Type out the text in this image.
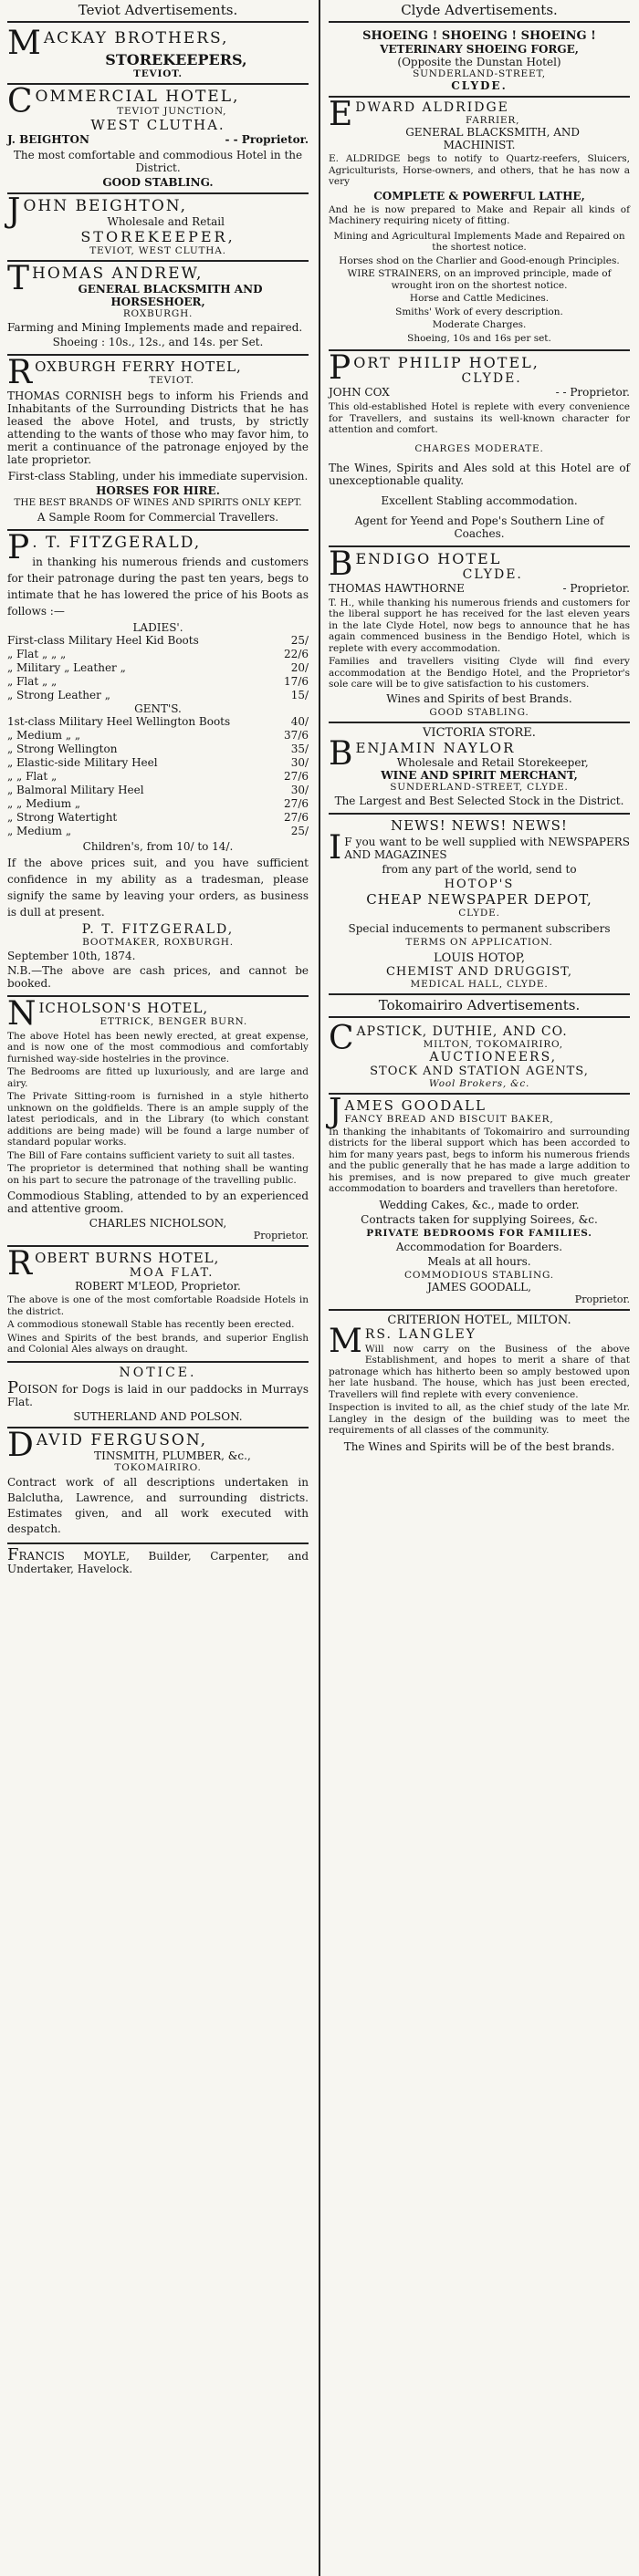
Teviot Advertisements.
M ACKAY BROTHERS,
STOREKEEPERS,
TEVIOT.
C OMMERCIAL HOTEL,
TEVIOT JUNCTION,
WEST CLUTHA.
J. BEIGHTON	- - Proprietor.

The most comfortable and commodious Hotel in the District.

GOOD STABLING.
J OHN BEIGHTON,
Wholesale and Retail
STOREKEEPER,
TEVIOT, WEST CLUTHA.
T HOMAS ANDREW,
GENERAL BLACKSMITH AND
HORSESHOER,
ROXBURGH.

Farming and Mining Implements made and repaired.

Shoeing : 10s., 12s., and 14s. per Set.

R OXBURGH FERRY HOTEL,
TEVIOT.

THOMAS CORNISH begs to inform his Friends and Inhabitants of the Surrounding Districts that he has leased the above Hotel, and trusts, by strictly attending to the wants of those who may favor him, to merit a continuance of the patronage enjoyed by the late proprietor.

First-class Stabling, under his immediate supervision.

HORSES FOR HIRE.
THE BEST BRANDS OF WINES AND SPIRITS ONLY KEPT.

A Sample Room for Commercial Travellers.

P . T. FITZGERALD,

in thanking his numerous friends and customers for their patronage during the past ten years, begs to intimate that he has lowered the price of his Boots as follows :—

LADIES'.
First-class Military Heel Kid Boots	25/
„ Flat „ „ „	22/6
„ Military „ Leather „	20/
„ Flat „ „	17/6
„ Strong Leather „	15/
GENT'S.
1st-class Military Heel Wellington Boots	40/
„ Medium „ „	37/6
„ Strong Wellington	35/
„ Elastic-side Military Heel	30/
„ „ Flat „	27/6
„ Balmoral Military Heel	30/
„ „ Medium „	27/6
„ Strong Watertight	27/6
„ Medium „	25/

Children's, from 10/ to 14/.

If the above prices suit, and you have sufficient confidence in my ability as a tradesman, please signify the same by leaving your orders, as business is dull at present.

P. T. FITZGERALD,
BOOTMAKER, ROXBURGH.

September 10th, 1874.

N.B.—The above are cash prices, and cannot be booked.

N ICHOLSON'S HOTEL,
ETTRICK, BENGER BURN.

The above Hotel has been newly erected, at great expense, and is now one of the most commodious and comfortably furnished way-side hostelries in the province.

The Bedrooms are fitted up luxuriously, and are large and airy.

The Private Sitting-room is furnished in a style hitherto unknown on the goldfields. There is an ample supply of the latest periodicals, and in the Library (to which constant additions are being made) will be found a large number of standard popular works.

The Bill of Fare contains sufficient variety to suit all tastes.

The proprietor is determined that nothing shall be wanting on his part to secure the patronage of the travelling public.

Commodious Stabling, attended to by an experienced and attentive groom.

CHARLES NICHOLSON,
Proprietor.
R OBERT BURNS HOTEL,
MOA FLAT.
ROBERT M'LEOD, Proprietor.

The above is one of the most comfortable Roadside Hotels in the district.

A commodious stonewall Stable has recently been erected.

Wines and Spirits of the best brands, and superior English and Colonial Ales always on draught.

NOTICE.

POISON for Dogs is laid in our paddocks in Murrays Flat.

SUTHERLAND AND POLSON.
D AVID FERGUSON,
TINSMITH, PLUMBER, &c.,
TOKOMAIRIRO.

Contract work of all descriptions undertaken in Balclutha, Lawrence, and surrounding districts. Estimates given, and all work executed with despatch.

FRANCIS MOYLE, Builder, Carpenter, and Undertaker, Havelock.

Clyde Advertisements.
SHOEING ! SHOEING ! SHOEING !
VETERINARY SHOEING FORGE,
(Opposite the Dunstan Hotel)
SUNDERLAND-STREET,
CLYDE.
E DWARD ALDRIDGE
FARRIER,
GENERAL BLACKSMITH, AND
MACHINIST.

E. ALDRIDGE begs to notify to Quartz-reefers, Sluicers, Agriculturists, Horse-owners, and others, that he has now a very

COMPLETE & POWERFUL LATHE,

And he is now prepared to Make and Repair all kinds of Machinery requiring nicety of fitting.

Mining and Agricultural Implements Made and Repaired on the shortest notice.

Horses shod on the Charlier and Good-enough Principles.

WIRE STRAINERS, on an improved principle, made of wrought iron on the shortest notice.

Horse and Cattle Medicines.

Smiths' Work of every description.

Moderate Charges.

Shoeing, 10s and 16s per set.

P ORT PHILIP HOTEL,
CLYDE.
JOHN COX	- - Proprietor.

This old-established Hotel is replete with every convenience for Travellers, and sustains its well-known character for attention and comfort.

CHARGES MODERATE.

The Wines, Spirits and Ales sold at this Hotel are of unexceptionable quality.

Excellent Stabling accommodation.

Agent for Yeend and Pope's Southern Line of Coaches.

B ENDIGO HOTEL
CLYDE.
THOMAS HAWTHORNE	- Proprietor.

T. H., while thanking his numerous friends and customers for the liberal support he has received for the last eleven years in the late Clyde Hotel, now begs to announce that he has again commenced business in the Bendigo Hotel, which is replete with every accommodation.

Families and travellers visiting Clyde will find every accommodation at the Bendigo Hotel, and the Proprietor's sole care will be to give satisfaction to his customers.

Wines and Spirits of best Brands.

GOOD STABLING.
VICTORIA STORE.
B ENJAMIN NAYLOR
Wholesale and Retail Storekeeper,
WINE AND SPIRIT MERCHANT,
SUNDERLAND-STREET, CLYDE.

The Largest and Best Selected Stock in the District.

NEWS! NEWS! NEWS!
I F you want to be well supplied with NEWSPAPERS AND MAGAZINES

from any part of the world, send to

HOTOP'S
CHEAP NEWSPAPER DEPOT,
CLYDE.

Special inducements to permanent subscribers

TERMS ON APPLICATION.
LOUIS HOTOP,
CHEMIST AND DRUGGIST,
MEDICAL HALL, CLYDE.
Tokomairiro Advertisements.
C APSTICK, DUTHIE, AND CO.
MILTON, TOKOMAIRIRO,
AUCTIONEERS,
STOCK AND STATION AGENTS,
Wool Brokers, &c.
J AMES GOODALL
FANCY BREAD AND BISCUIT BAKER,

In thanking the inhabitants of Tokomairiro and surrounding districts for the liberal support which has been accorded to him for many years past, begs to inform his numerous friends and the public generally that he has made a large addition to his premises, and is now prepared to give much greater accommodation to boarders and travellers than heretofore.

Wedding Cakes, &c., made to order.

Contracts taken for supplying Soirees, &c.

PRIVATE BEDROOMS FOR FAMILIES.

Accommodation for Boarders.

Meals at all hours.

COMMODIOUS STABLING.
JAMES GOODALL,
Proprietor.
CRITERION HOTEL, MILTON.
M RS. LANGLEY

Will now carry on the Business of the above Establishment, and hopes to merit a share of that patronage which has hitherto been so amply bestowed upon her late husband. The house, which has just been erected, Travellers will find replete with every convenience.

Inspection is invited to all, as the chief study of the late Mr. Langley in the design of the building was to meet the requirements of all classes of the community.

The Wines and Spirits will be of the best brands.
